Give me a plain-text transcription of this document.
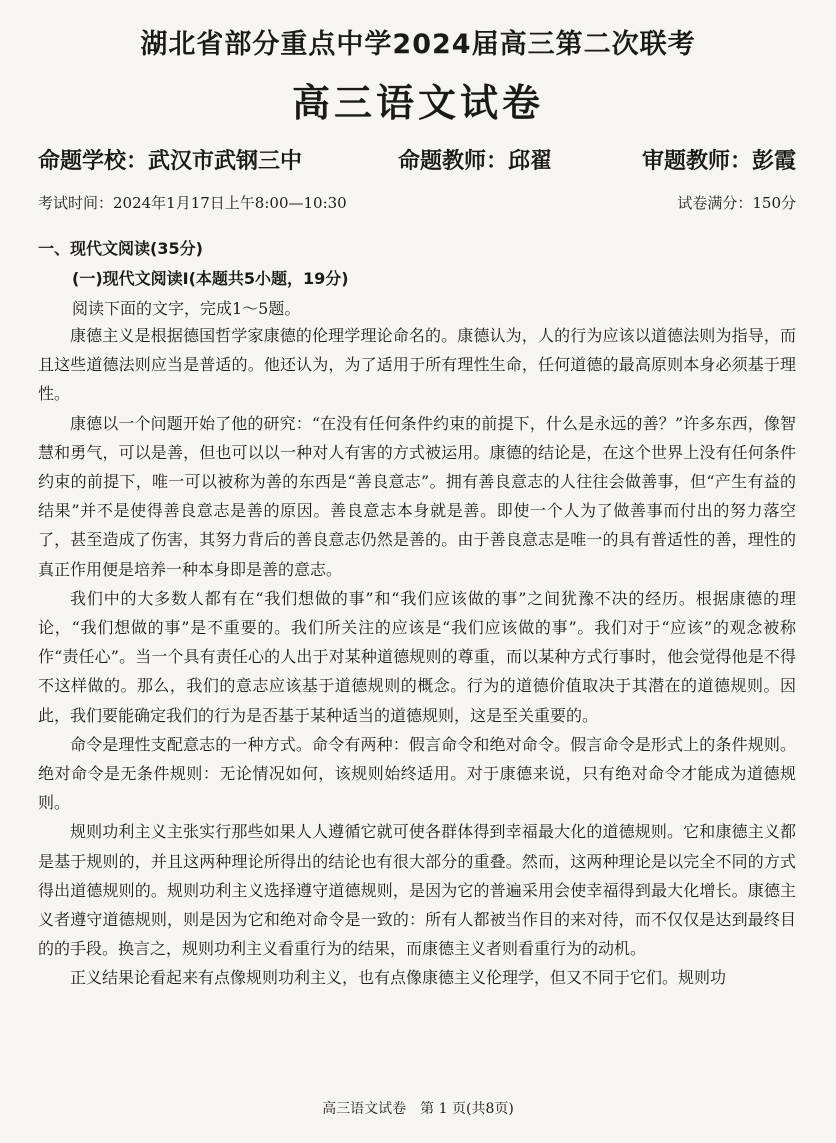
湖北省部分重点中学2024届高三第二次联考
高三语文试卷
命题学校：武汉市武钢三中	命题教师：邱翟	审题教师：彭霞
考试时间：2024年1月17日上午8:00—10:30	试卷满分：150分
一、现代文阅读(35分)
(一)现代文阅读Ⅰ(本题共5小题，19分)
阅读下面的文字，完成1～5题。

康德主义是根据德国哲学家康德的伦理学理论命名的。康德认为，人的行为应该以道德法则为指导，而且这些道德法则应当是普适的。他还认为，为了适用于所有理性生命，任何道德的最高原则本身必须基于理性。

康德以一个问题开始了他的研究：“在没有任何条件约束的前提下，什么是永远的善？”许多东西，像智慧和勇气，可以是善，但也可以以一种对人有害的方式被运用。康德的结论是，在这个世界上没有任何条件约束的前提下，唯一可以被称为善的东西是“善良意志”。拥有善良意志的人往往会做善事，但“产生有益的结果”并不是使得善良意志是善的原因。善良意志本身就是善。即使一个人为了做善事而付出的努力落空了，甚至造成了伤害，其努力背后的善良意志仍然是善的。由于善良意志是唯一的具有普适性的善，理性的真正作用便是培养一种本身即是善的意志。

我们中的大多数人都有在“我们想做的事”和“我们应该做的事”之间犹豫不决的经历。根据康德的理论，“我们想做的事”是不重要的。我们所关注的应该是“我们应该做的事”。我们对于“应该”的观念被称作“责任心”。当一个具有责任心的人出于对某种道德规则的尊重，而以某种方式行事时，他会觉得他是不得不这样做的。那么，我们的意志应该基于道德规则的概念。行为的道德价值取决于其潜在的道德规则。因此，我们要能确定我们的行为是否基于某种适当的道德规则，这是至关重要的。

命令是理性支配意志的一种方式。命令有两种：假言命令和绝对命令。假言命令是形式上的条件规则。绝对命令是无条件规则：无论情况如何，该规则始终适用。对于康德来说，只有绝对命令才能成为道德规则。

规则功利主义主张实行那些如果人人遵循它就可使各群体得到幸福最大化的道德规则。它和康德主义都是基于规则的，并且这两种理论所得出的结论也有很大部分的重叠。然而，这两种理论是以完全不同的方式得出道德规则的。规则功利主义选择遵守道德规则，是因为它的普遍采用会使幸福得到最大化增长。康德主义者遵守道德规则，则是因为它和绝对命令是一致的：所有人都被当作目的来对待，而不仅仅是达到最终目的的手段。换言之，规则功利主义看重行为的结果，而康德主义者则看重行为的动机。

正义结果论看起来有点像规则功利主义，也有点像康德主义伦理学，但又不同于它们。规则功

高三语文试卷　第 1 页(共8页)
